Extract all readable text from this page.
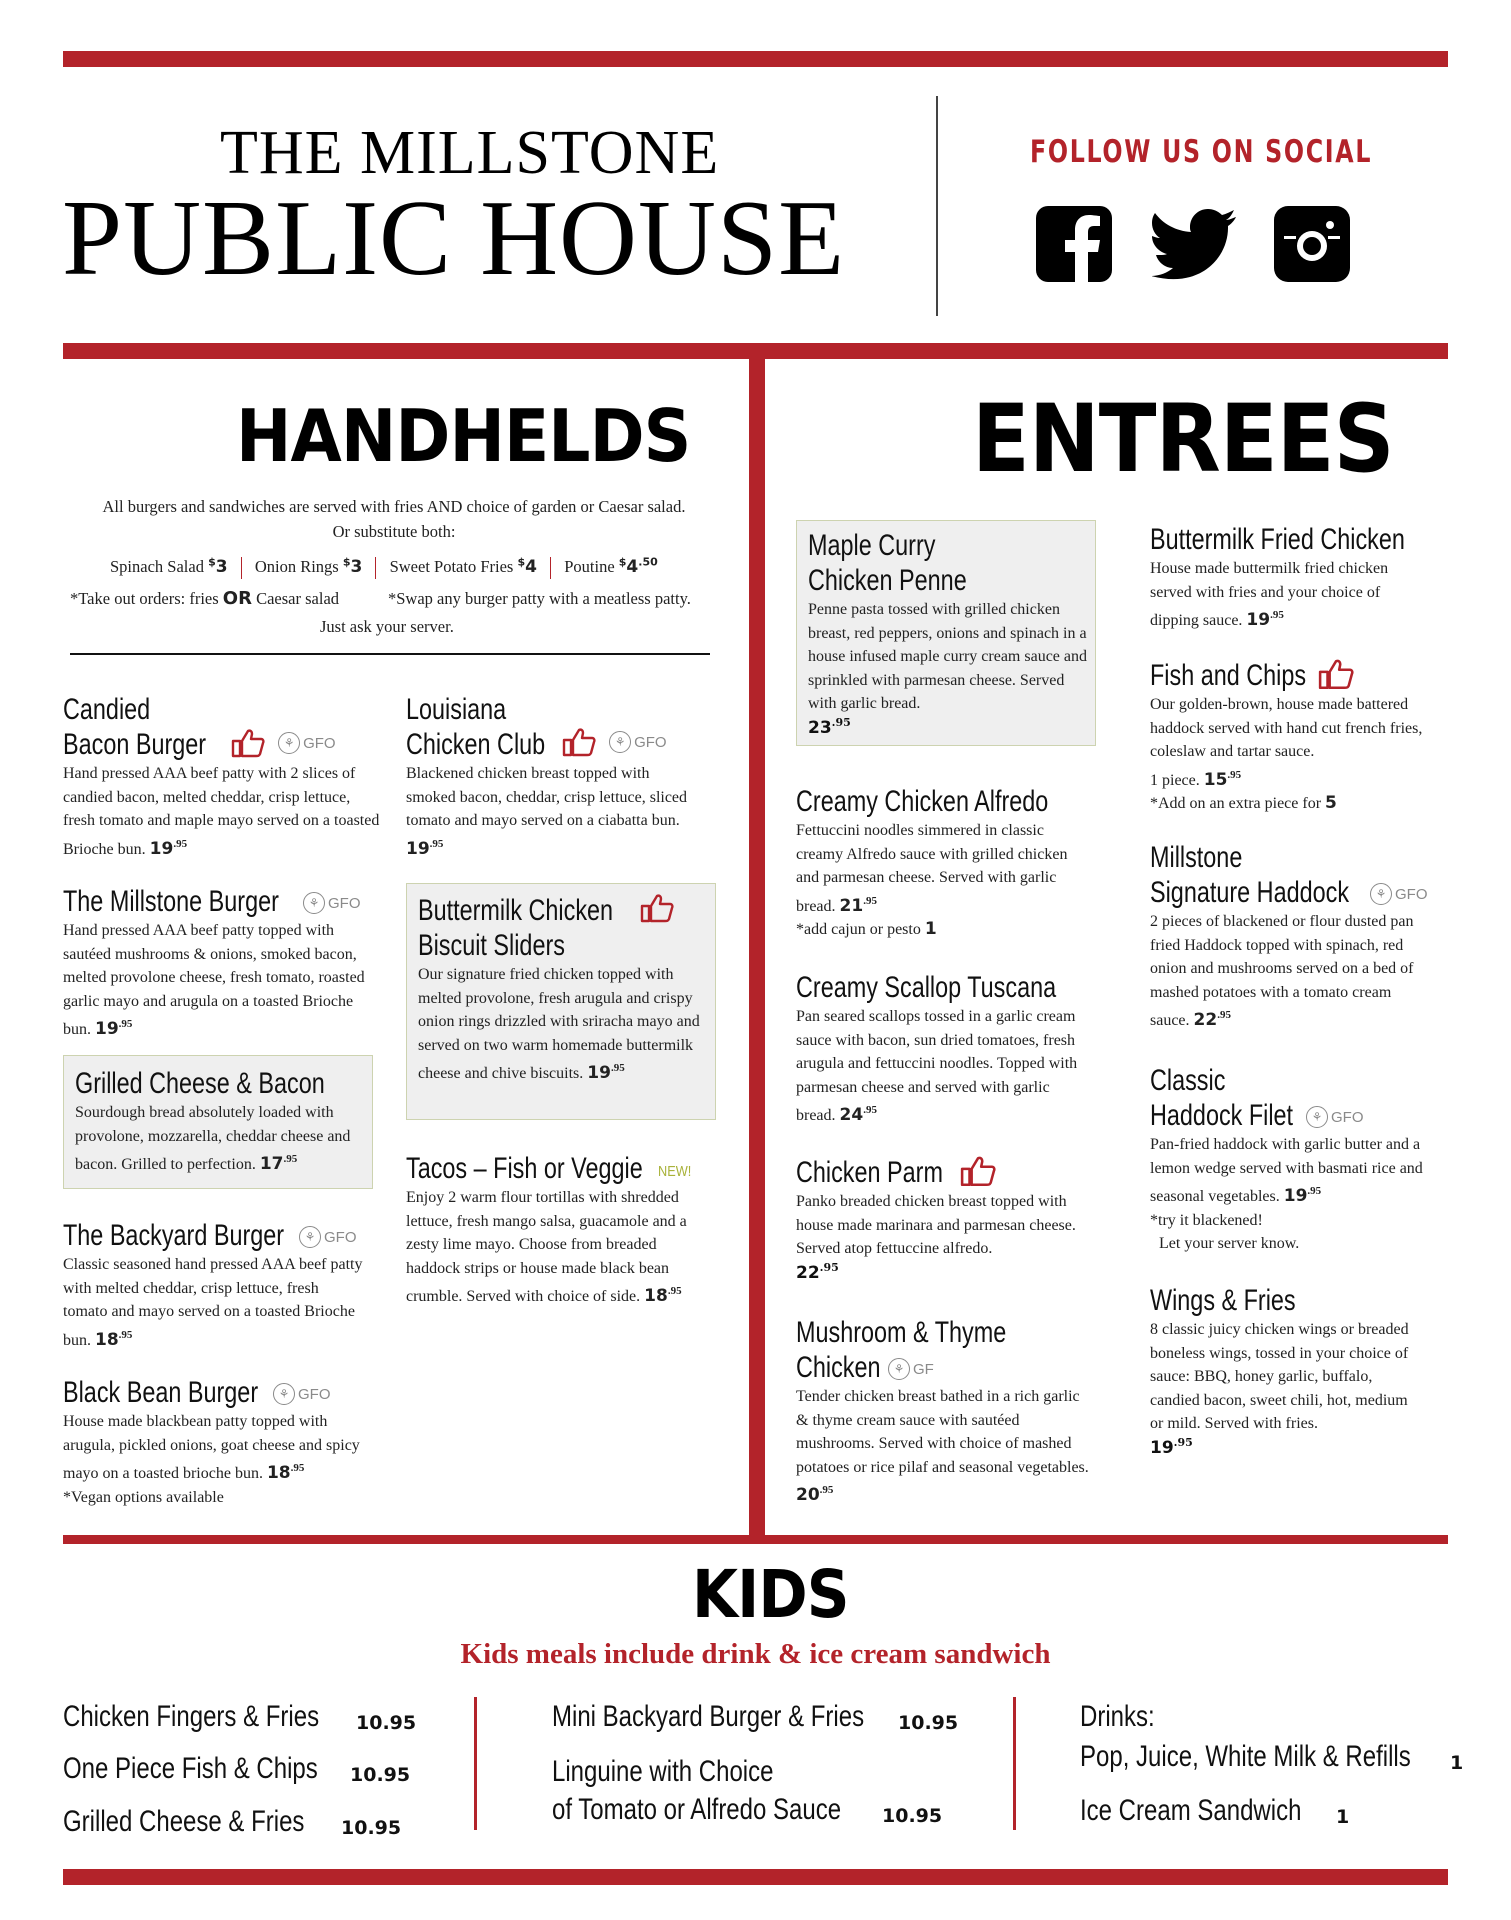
THE MILLSTONE
PUBLIC HOUSE
FOLLOW US ON SOCIAL
HANDHELDS
All burgers and sandwiches are served with fries AND choice of garden or Caesar salad.
Or substitute both:
Spinach Salad $3 Onion Rings $3 Sweet Potato Fries $4 Poutine $^{\$}4^{.50}$
*Take out orders: fries OR Caesar salad	*Swap any burger patty with a meatless patty.
Just ask your server.
Candied
Bacon Burger
	⚘ GFO
Hand pressed AAA beef patty with 2 slices of candied bacon, melted cheddar, crisp lettuce, fresh tomato and maple mayo served on a toasted Brioche bun. $19^{.95}$
The Millstone Burger	⚘ GFO
Hand pressed AAA beef patty topped with sautéed mushrooms & onions, smoked bacon, melted provolone cheese, fresh tomato, roasted garlic mayo and arugula on a toasted Brioche bun. $19^{.95}$
Grilled Cheese & Bacon
Sourdough bread absolutely loaded with provolone, mozzarella, cheddar cheese and bacon. Grilled to perfection. $17^{.95}$
The Backyard Burger	⚘ GFO
Classic seasoned hand pressed AAA beef patty with melted cheddar, crisp lettuce, fresh tomato and mayo served on a toasted Brioche bun. $18^{.95}$
Black Bean Burger	⚘ GFO
House made blackbean patty topped with arugula, pickled onions, goat cheese and spicy mayo on a toasted brioche bun. $18^{.95}$
*Vegan options available
Louisiana
Chicken Club
	⚘ GFO
Blackened chicken breast topped with smoked bacon, cheddar, crisp lettuce, sliced tomato and mayo served on a ciabatta bun. $19^{.95}$
Buttermilk Chicken
Biscuit Sliders
Our signature fried chicken topped with melted provolone, fresh arugula and crispy onion rings drizzled with sriracha mayo and served on two warm homemade buttermilk cheese and chive biscuits. $19^{.95}$
Tacos – Fish or Veggie NEW!
Enjoy 2 warm flour tortillas with shredded lettuce, fresh mango salsa, guacamole and a zesty lime mayo. Choose from breaded haddock strips or house made black bean crumble. Served with choice of side. $18^{.95}$
ENTREES
Maple Curry
Chicken Penne
Penne pasta tossed with grilled chicken breast, red peppers, onions and spinach in a house infused maple curry cream sauce and sprinkled with parmesan cheese. Served with garlic bread.
$23^{.95}$
Creamy Chicken Alfredo
Fettuccini noodles simmered in classic creamy Alfredo sauce with grilled chicken and parmesan cheese. Served with garlic bread. $21^{.95}$
*add cajun or pesto 1
Creamy Scallop Tuscana
Pan seared scallops tossed in a garlic cream sauce with bacon, sun dried tomatoes, fresh arugula and fettuccini noodles. Topped with parmesan cheese and served with garlic bread. $24^{.95}$
Chicken Parm
Panko breaded chicken breast topped with house made marinara and parmesan cheese. Served atop fettuccine alfredo.
$22^{.95}$
Mushroom & Thyme
Chicken	⚘ GF
Tender chicken breast bathed in a rich garlic & thyme cream sauce with sautéed mushrooms. Served with choice of mashed potatoes or rice pilaf and seasonal vegetables. $20^{.95}$
Buttermilk Fried Chicken
House made buttermilk fried chicken served with fries and your choice of dipping sauce. $19^{.95}$
Fish and Chips
Our golden-brown, house made battered haddock served with hand cut french fries, coleslaw and tartar sauce.
1 piece. $15^{.95}$
*Add on an extra piece for 5
Millstone
Signature Haddock	⚘ GFO
2 pieces of blackened or flour dusted pan fried Haddock topped with spinach, red onion and mushrooms served on a bed of mashed potatoes with a tomato cream sauce. $22^{.95}$
Classic
Haddock Filet	⚘ GFO
Pan-fried haddock with garlic butter and a lemon wedge served with basmati rice and seasonal vegetables. $19^{.95}$
*try it blackened!
Let your server know.
Wings & Fries
8 classic juicy chicken wings or breaded boneless wings, tossed in your choice of sauce: BBQ, honey garlic, buffalo, candied bacon, sweet chili, hot, medium or mild. Served with fries.
$19^{.95}$
KIDS
Kids meals include drink & ice cream sandwich
Chicken Fingers & Fries 10.95
One Piece Fish & Chips 10.95
Grilled Cheese & Fries 10.95
Mini Backyard Burger & Fries 10.95
Linguine with Choice
of Tomato or Alfredo Sauce 10.95
Drinks:
Pop, Juice, White Milk & Refills 1
Ice Cream Sandwich 1
